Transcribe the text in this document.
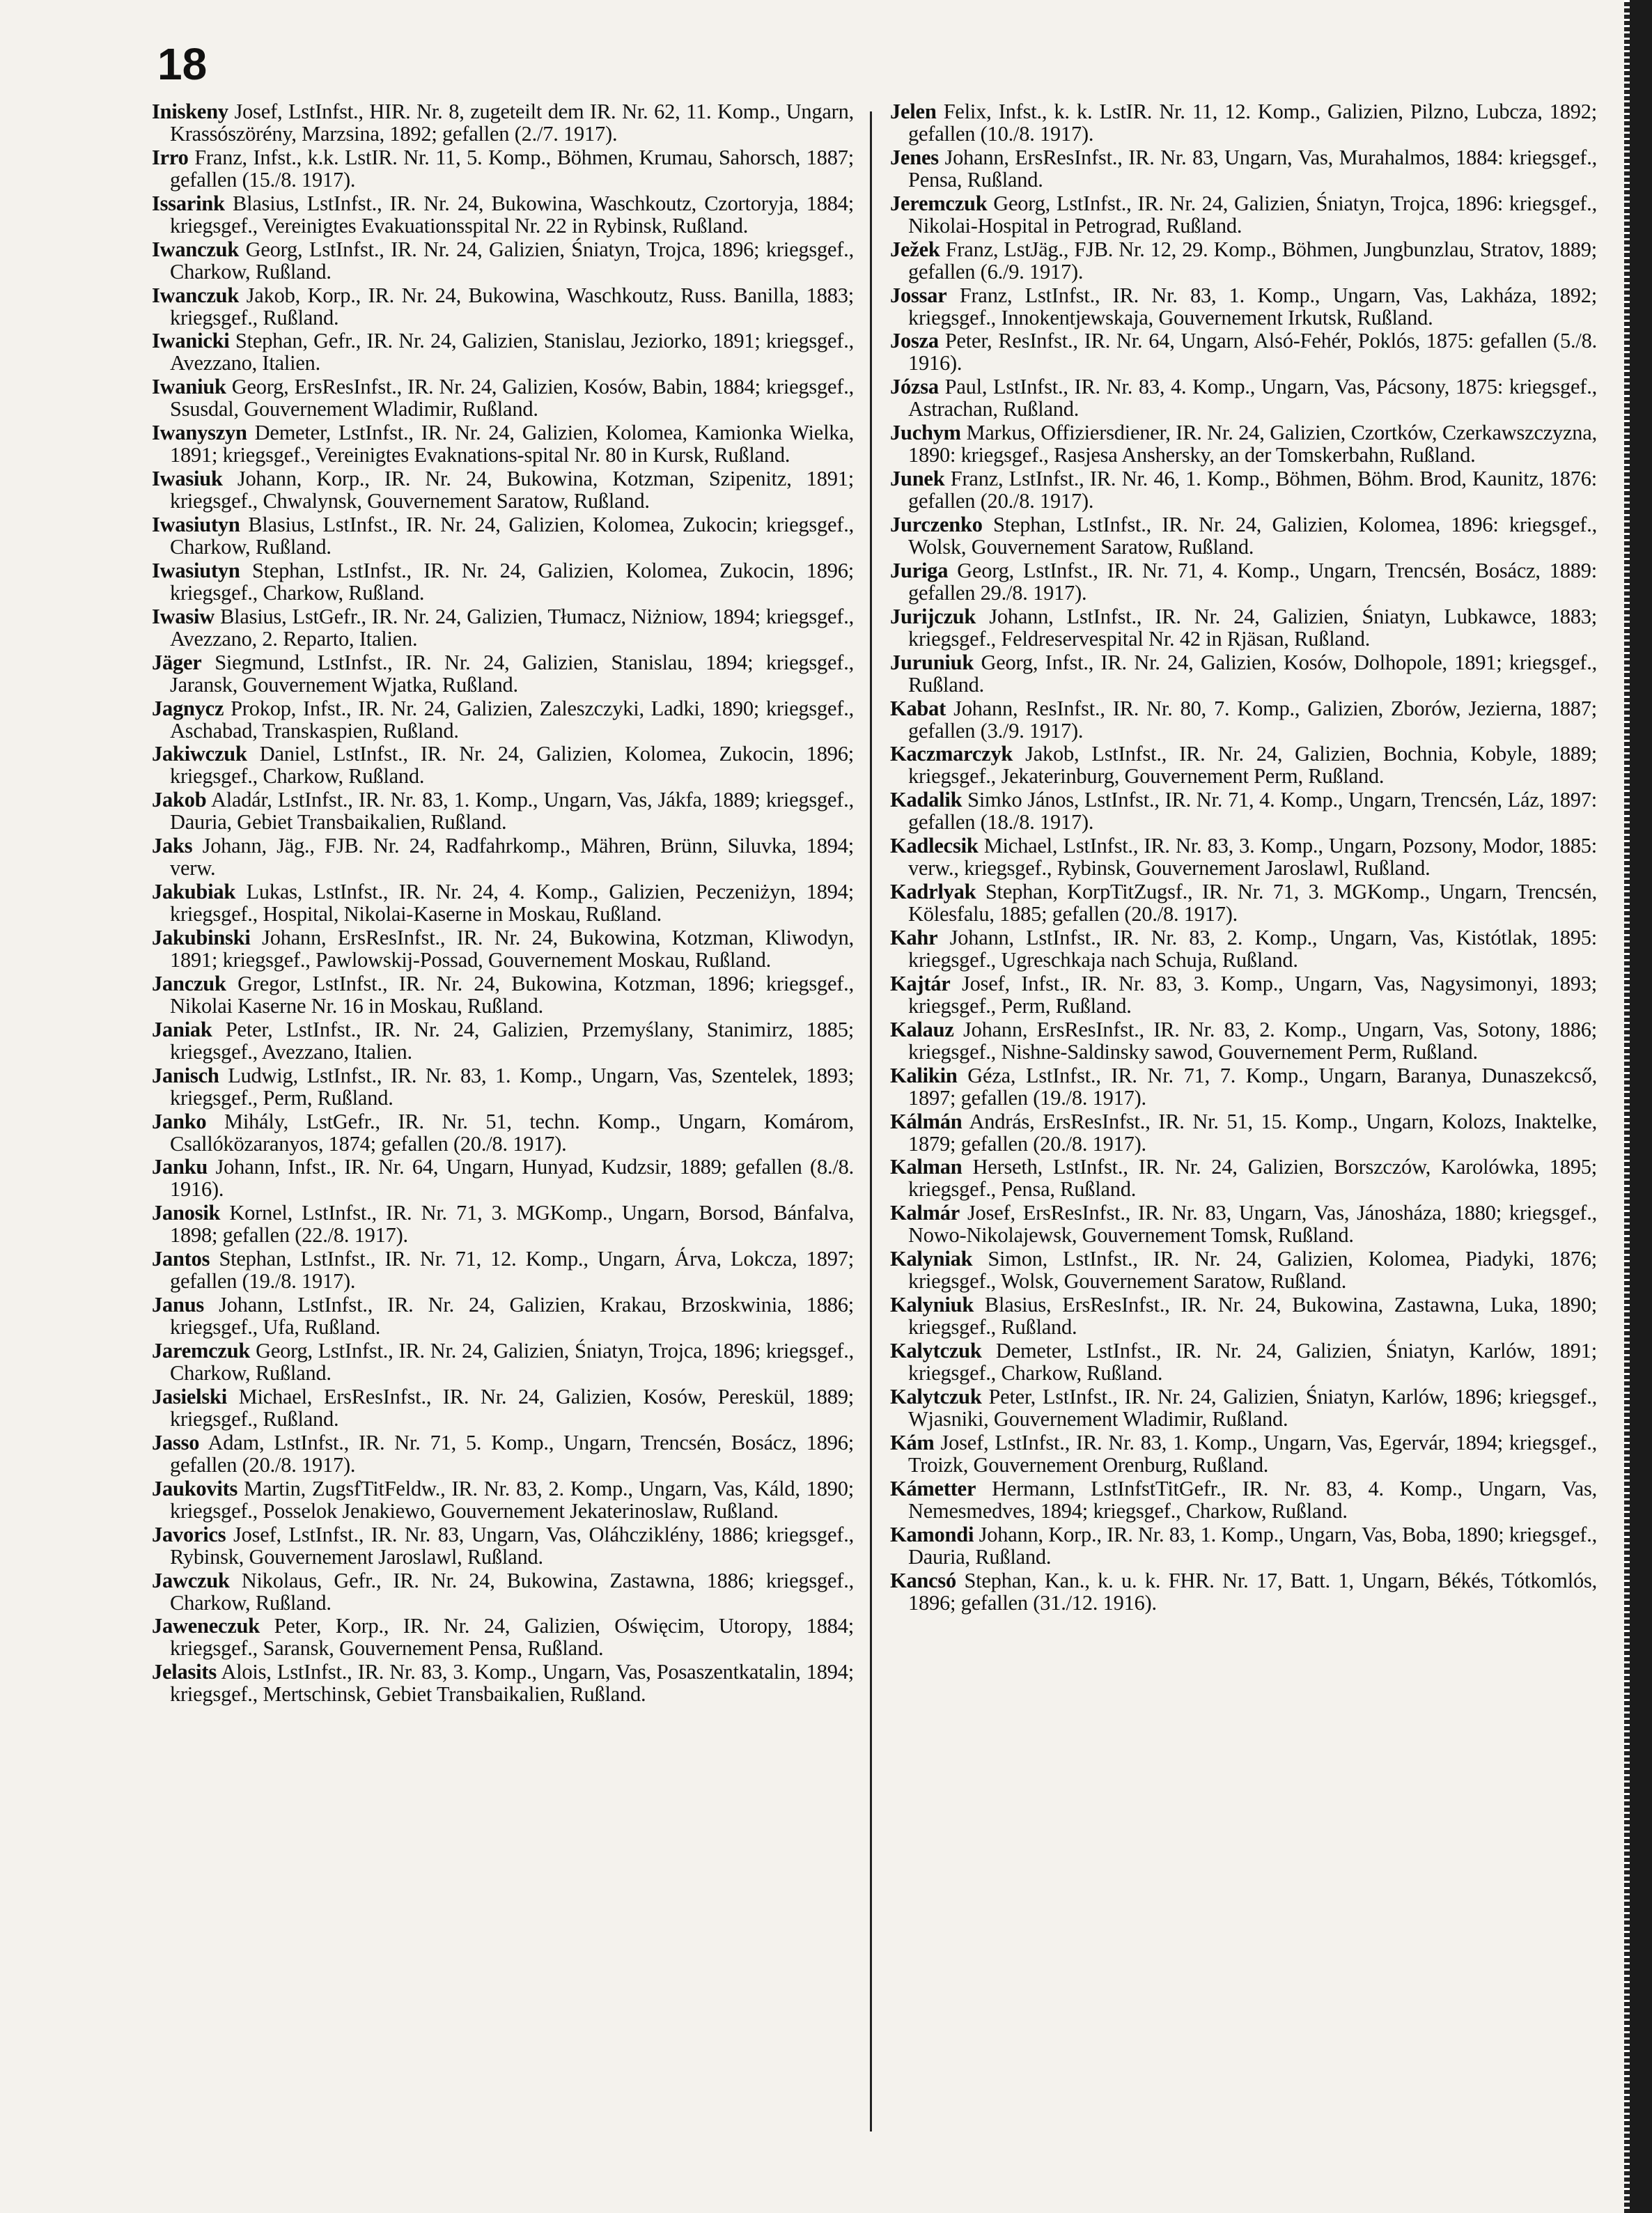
18

Iniskeny Josef, LstInfst., HIR. Nr. 8, zugeteilt dem IR. Nr. 62, 11. Komp., Ungarn, Krassószörény, Marzsina, 1892; gefallen (2./7. 1917).

Irro Franz, Infst., k.k. LstIR. Nr. 11, 5. Komp., Böhmen, Krumau, Sahorsch, 1887; gefallen (15./8. 1917).

Issarink Blasius, LstInfst., IR. Nr. 24, Bukowina, Waschkoutz, Czortoryja, 1884; kriegsgef., Vereinigtes Evakuationsspital Nr. 22 in Rybinsk, Rußland.

Iwanczuk Georg, LstInfst., IR. Nr. 24, Galizien, Śniatyn, Trojca, 1896; kriegsgef., Charkow, Rußland.

Iwanczuk Jakob, Korp., IR. Nr. 24, Bukowina, Waschkoutz, Russ. Banilla, 1883; kriegsgef., Rußland.

Iwanicki Stephan, Gefr., IR. Nr. 24, Galizien, Stanislau, Jeziorko, 1891; kriegsgef., Avezzano, Italien.

Iwaniuk Georg, ErsResInfst., IR. Nr. 24, Galizien, Kosów, Babin, 1884; kriegsgef., Ssusdal, Gouvernement Wladimir, Rußland.

Iwanyszyn Demeter, LstInfst., IR. Nr. 24, Galizien, Kolomea, Kamionka Wielka, 1891; kriegsgef., Vereinigtes Evaknations-spital Nr. 80 in Kursk, Rußland.

Iwasiuk Johann, Korp., IR. Nr. 24, Bukowina, Kotzman, Szipenitz, 1891; kriegsgef., Chwalynsk, Gouvernement Saratow, Rußland.

Iwasiutyn Blasius, LstInfst., IR. Nr. 24, Galizien, Kolomea, Zukocin; kriegsgef., Charkow, Rußland.

Iwasiutyn Stephan, LstInfst., IR. Nr. 24, Galizien, Kolomea, Zukocin, 1896; kriegsgef., Charkow, Rußland.

Iwasiw Blasius, LstGefr., IR. Nr. 24, Galizien, Tłumacz, Niżniow, 1894; kriegsgef., Avezzano, 2. Reparto, Italien.

Jäger Siegmund, LstInfst., IR. Nr. 24, Galizien, Stanislau, 1894; kriegsgef., Jaransk, Gouvernement Wjatka, Rußland.

Jagnycz Prokop, Infst., IR. Nr. 24, Galizien, Zaleszczyki, Ladki, 1890; kriegsgef., Aschabad, Transkaspien, Rußland.

Jakiwczuk Daniel, LstInfst., IR. Nr. 24, Galizien, Kolomea, Zukocin, 1896; kriegsgef., Charkow, Rußland.

Jakob Aladár, LstInfst., IR. Nr. 83, 1. Komp., Ungarn, Vas, Jákfa, 1889; kriegsgef., Dauria, Gebiet Transbaikalien, Rußland.

Jaks Johann, Jäg., FJB. Nr. 24, Radfahrkomp., Mähren, Brünn, Siluvka, 1894; verw.

Jakubiak Lukas, LstInfst., IR. Nr. 24, 4. Komp., Galizien, Peczeniżyn, 1894; kriegsgef., Hospital, Nikolai-Kaserne in Moskau, Rußland.

Jakubinski Johann, ErsResInfst., IR. Nr. 24, Bukowina, Kotzman, Kliwodyn, 1891; kriegsgef., Pawlowskij-Possad, Gouvernement Moskau, Rußland.

Janczuk Gregor, LstInfst., IR. Nr. 24, Bukowina, Kotzman, 1896; kriegsgef., Nikolai Kaserne Nr. 16 in Moskau, Rußland.

Janiak Peter, LstInfst., IR. Nr. 24, Galizien, Przemyślany, Stanimirz, 1885; kriegsgef., Avezzano, Italien.

Janisch Ludwig, LstInfst., IR. Nr. 83, 1. Komp., Ungarn, Vas, Szentelek, 1893; kriegsgef., Perm, Rußland.

Janko Mihály, LstGefr., IR. Nr. 51, techn. Komp., Ungarn, Komárom, Csallóközaranyos, 1874; gefallen (20./8. 1917).

Janku Johann, Infst., IR. Nr. 64, Ungarn, Hunyad, Kudzsir, 1889; gefallen (8./8. 1916).

Janosik Kornel, LstInfst., IR. Nr. 71, 3. MGKomp., Ungarn, Borsod, Bánfalva, 1898; gefallen (22./8. 1917).

Jantos Stephan, LstInfst., IR. Nr. 71, 12. Komp., Ungarn, Árva, Lokcza, 1897; gefallen (19./8. 1917).

Janus Johann, LstInfst., IR. Nr. 24, Galizien, Krakau, Brzoskwinia, 1886; kriegsgef., Ufa, Rußland.

Jaremczuk Georg, LstInfst., IR. Nr. 24, Galizien, Śniatyn, Trojca, 1896; kriegsgef., Charkow, Rußland.

Jasielski Michael, ErsResInfst., IR. Nr. 24, Galizien, Kosów, Pereskül, 1889; kriegsgef., Rußland.

Jasso Adam, LstInfst., IR. Nr. 71, 5. Komp., Ungarn, Trencsén, Bosácz, 1896; gefallen (20./8. 1917).

Jaukovits Martin, ZugsfTitFeldw., IR. Nr. 83, 2. Komp., Ungarn, Vas, Káld, 1890; kriegsgef., Posselok Jenakiewo, Gouvernement Jekaterinoslaw, Rußland.

Javorics Josef, LstInfst., IR. Nr. 83, Ungarn, Vas, Oláhcziklény, 1886; kriegsgef., Rybinsk, Gouvernement Jaroslawl, Rußland.

Jawczuk Nikolaus, Gefr., IR. Nr. 24, Bukowina, Zastawna, 1886; kriegsgef., Charkow, Rußland.

Jaweneczuk Peter, Korp., IR. Nr. 24, Galizien, Oświęcim, Utoropy, 1884; kriegsgef., Saransk, Gouvernement Pensa, Rußland.

Jelasits Alois, LstInfst., IR. Nr. 83, 3. Komp., Ungarn, Vas, Posaszentkatalin, 1894; kriegsgef., Mertschinsk, Gebiet Transbaikalien, Rußland.

Jelen Felix, Infst., k. k. LstIR. Nr. 11, 12. Komp., Galizien, Pilzno, Lubcza, 1892; gefallen (10./8. 1917).

Jenes Johann, ErsResInfst., IR. Nr. 83, Ungarn, Vas, Murahalmos, 1884: kriegsgef., Pensa, Rußland.

Jeremczuk Georg, LstInfst., IR. Nr. 24, Galizien, Śniatyn, Trojca, 1896: kriegsgef., Nikolai-Hospital in Petrograd, Rußland.

Ježek Franz, LstJäg., FJB. Nr. 12, 29. Komp., Böhmen, Jungbunzlau, Stratov, 1889; gefallen (6./9. 1917).

Jossar Franz, LstInfst., IR. Nr. 83, 1. Komp., Ungarn, Vas, Lakháza, 1892; kriegsgef., Innokentjewskaja, Gouvernement Irkutsk, Rußland.

Josza Peter, ResInfst., IR. Nr. 64, Ungarn, Alsó-Fehér, Poklós, 1875: gefallen (5./8. 1916).

Józsa Paul, LstInfst., IR. Nr. 83, 4. Komp., Ungarn, Vas, Pácsony, 1875: kriegsgef., Astrachan, Rußland.

Juchym Markus, Offiziersdiener, IR. Nr. 24, Galizien, Czortków, Czerkawszczyzna, 1890: kriegsgef., Rasjesa Anshersky, an der Tomskerbahn, Rußland.

Junek Franz, LstInfst., IR. Nr. 46, 1. Komp., Böhmen, Böhm. Brod, Kaunitz, 1876: gefallen (20./8. 1917).

Jurczenko Stephan, LstInfst., IR. Nr. 24, Galizien, Kolomea, 1896: kriegsgef., Wolsk, Gouvernement Saratow, Rußland.

Juriga Georg, LstInfst., IR. Nr. 71, 4. Komp., Ungarn, Trencsén, Bosácz, 1889: gefallen 29./8. 1917).

Jurijczuk Johann, LstInfst., IR. Nr. 24, Galizien, Śniatyn, Lubkawce, 1883; kriegsgef., Feldreservespital Nr. 42 in Rjäsan, Rußland.

Juruniuk Georg, Infst., IR. Nr. 24, Galizien, Kosów, Dolhopole, 1891; kriegsgef., Rußland.

Kabat Johann, ResInfst., IR. Nr. 80, 7. Komp., Galizien, Zborów, Jezierna, 1887; gefallen (3./9. 1917).

Kaczmarczyk Jakob, LstInfst., IR. Nr. 24, Galizien, Bochnia, Kobyle, 1889; kriegsgef., Jekaterinburg, Gouvernement Perm, Rußland.

Kadalik Simko János, LstInfst., IR. Nr. 71, 4. Komp., Ungarn, Trencsén, Láz, 1897: gefallen (18./8. 1917).

Kadlecsik Michael, LstInfst., IR. Nr. 83, 3. Komp., Ungarn, Pozsony, Modor, 1885: verw., kriegsgef., Rybinsk, Gouvernement Jaroslawl, Rußland.

Kadrlyak Stephan, KorpTitZugsf., IR. Nr. 71, 3. MGKomp., Ungarn, Trencsén, Kölesfalu, 1885; gefallen (20./8. 1917).

Kahr Johann, LstInfst., IR. Nr. 83, 2. Komp., Ungarn, Vas, Kistótlak, 1895: kriegsgef., Ugreschkaja nach Schuja, Rußland.

Kajtár Josef, Infst., IR. Nr. 83, 3. Komp., Ungarn, Vas, Nagysimonyi, 1893; kriegsgef., Perm, Rußland.

Kalauz Johann, ErsResInfst., IR. Nr. 83, 2. Komp., Ungarn, Vas, Sotony, 1886; kriegsgef., Nishne-Saldinsky sawod, Gouvernement Perm, Rußland.

Kalikin Géza, LstInfst., IR. Nr. 71, 7. Komp., Ungarn, Baranya, Dunaszekcső, 1897; gefallen (19./8. 1917).

Kálmán András, ErsResInfst., IR. Nr. 51, 15. Komp., Ungarn, Kolozs, Inaktelke, 1879; gefallen (20./8. 1917).

Kalman Herseth, LstInfst., IR. Nr. 24, Galizien, Borszczów, Karolówka, 1895; kriegsgef., Pensa, Rußland.

Kalmár Josef, ErsResInfst., IR. Nr. 83, Ungarn, Vas, Jánosháza, 1880; kriegsgef., Nowo-Nikolajewsk, Gouvernement Tomsk, Rußland.

Kalyniak Simon, LstInfst., IR. Nr. 24, Galizien, Kolomea, Piadyki, 1876; kriegsgef., Wolsk, Gouvernement Saratow, Rußland.

Kalyniuk Blasius, ErsResInfst., IR. Nr. 24, Bukowina, Zastawna, Luka, 1890; kriegsgef., Rußland.

Kalytczuk Demeter, LstInfst., IR. Nr. 24, Galizien, Śniatyn, Karlów, 1891; kriegsgef., Charkow, Rußland.

Kalytczuk Peter, LstInfst., IR. Nr. 24, Galizien, Śniatyn, Karlów, 1896; kriegsgef., Wjasniki, Gouvernement Wladimir, Rußland.

Kám Josef, LstInfst., IR. Nr. 83, 1. Komp., Ungarn, Vas, Egervár, 1894; kriegsgef., Troizk, Gouvernement Orenburg, Rußland.

Kámetter Hermann, LstInfstTitGefr., IR. Nr. 83, 4. Komp., Ungarn, Vas, Nemesmedves, 1894; kriegsgef., Charkow, Rußland.

Kamondi Johann, Korp., IR. Nr. 83, 1. Komp., Ungarn, Vas, Boba, 1890; kriegsgef., Dauria, Rußland.

Kancsó Stephan, Kan., k. u. k. FHR. Nr. 17, Batt. 1, Ungarn, Békés, Tótkomlós, 1896; gefallen (31./12. 1916).
